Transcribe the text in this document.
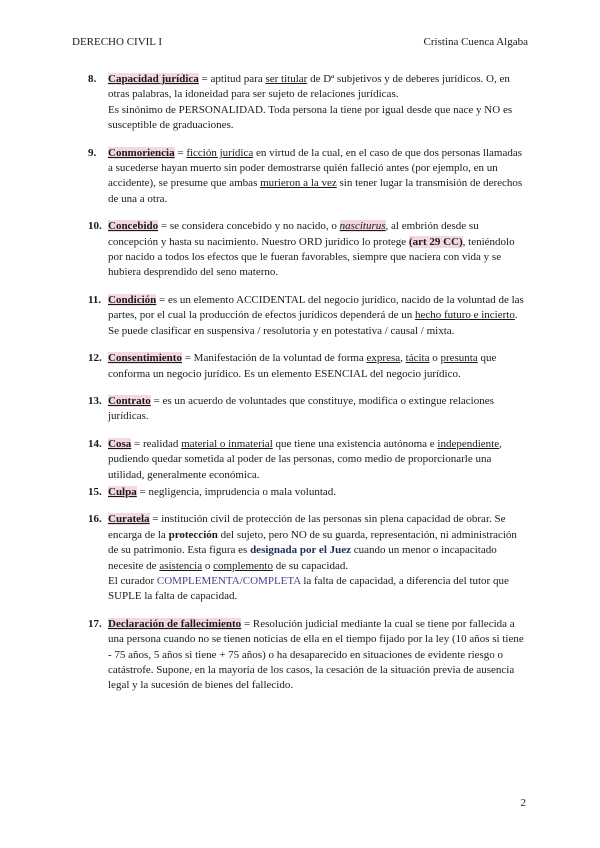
DERECHO CIVIL I	Cristina Cuenca Algaba
8. Capacidad jurídica = aptitud para ser titular de Dª subjetivos y de deberes jurídicos. O, en otras palabras, la idoneidad para ser sujeto de relaciones jurídicas.
Es sinónimo de PERSONALIDAD. Toda persona la tiene por igual desde que nace y NO es susceptible de graduaciones.
9. Conmoriencia = ficción jurídica en virtud de la cual, en el caso de que dos personas llamadas a sucederse hayan muerto sin poder demostrarse quién falleció antes (por ejemplo, en un accidente), se presume que ambas murieron a la vez sin tener lugar la transmisión de derechos de una a otra.
10. Concebido = se considera concebido y no nacido, o nasciturus, al embrión desde su concepción y hasta su nacimiento. Nuestro ORD jurídico lo protege (art 29 CC), teniéndolo por nacido a todos los efectos que le fueran favorables, siempre que naciera con vida y se hubiera desprendido del seno materno.
11. Condición = es un elemento ACCIDENTAL del negocio jurídico, nacido de la voluntad de las partes, por el cual la producción de efectos jurídicos dependerá de un hecho futuro e incierto.
Se puede clasificar en suspensiva / resolutoria y en potestativa / causal / mixta.
12. Consentimiento = Manifestación de la voluntad de forma expresa, tácita o presunta que conforma un negocio jurídico. Es un elemento ESENCIAL del negocio jurídico.
13. Contrato = es un acuerdo de voluntades que constituye, modifica o extingue relaciones jurídicas.
14. Cosa = realidad material o inmaterial que tiene una existencia autónoma e independiente, pudiendo quedar sometida al poder de las personas, como medio de proporcionarle una utilidad, generalmente económica.
15. Culpa = negligencia, imprudencia o mala voluntad.
16. Curatela = institución civil de protección de las personas sin plena capacidad de obrar. Se encarga de la protección del sujeto, pero NO de su guarda, representación, ni administración de su patrimonio. Esta figura es designada por el Juez cuando un menor o incapacitado necesite de asistencia o complemento de su capacidad.
El curador COMPLEMENTA/COMPLETA la falta de capacidad, a diferencia del tutor que SUPLE la falta de capacidad.
17. Declaración de fallecimiento = Resolución judicial mediante la cual se tiene por fallecida a una persona cuando no se tienen noticias de ella en el tiempo fijado por la ley (10 años si tiene - 75 años, 5 años si tiene + 75 años) o ha desaparecido en situaciones de evidente riesgo o catástrofe. Supone, en la mayoría de los casos, la cesación de la situación previa de ausencia legal y la sucesión de bienes del fallecido.
2
